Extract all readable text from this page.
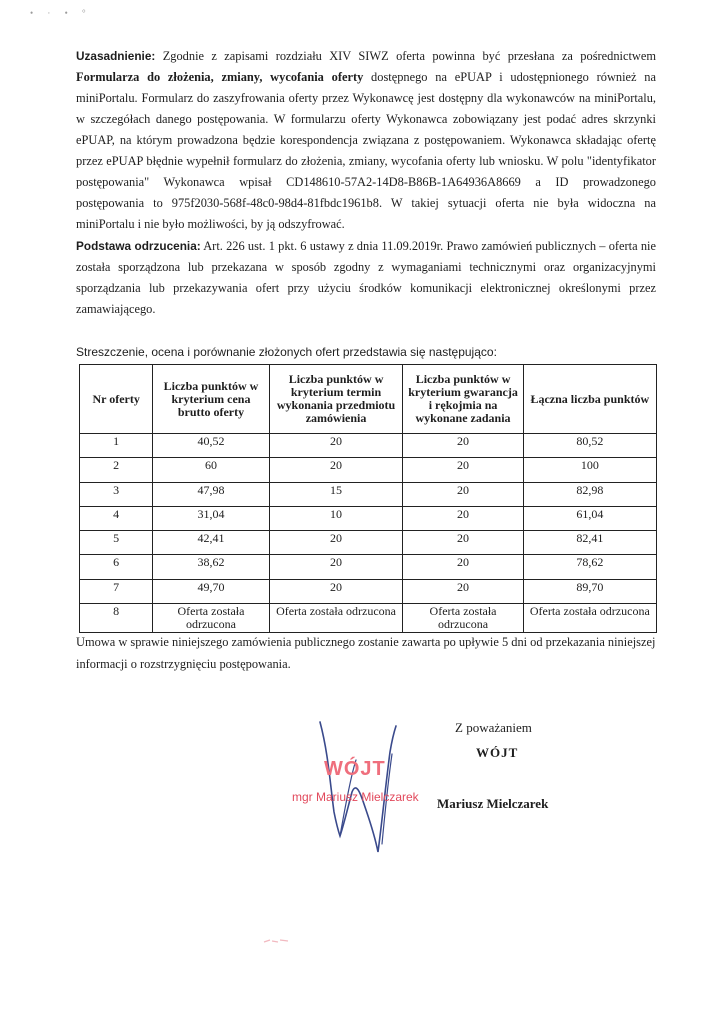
• · • °
Uzasadnienie: Zgodnie z zapisami rozdziału XIV SIWZ oferta powinna być przesłana za pośrednictwem Formularza do złożenia, zmiany, wycofania oferty dostępnego na ePUAP i udostępnionego również na miniPortalu. Formularz do zaszyfrowania oferty przez Wykonawcę jest dostępny dla wykonawców na miniPortalu, w szczegółach danego postępowania. W formularzu oferty Wykonawca zobowiązany jest podać adres skrzynki ePUAP, na którym prowadzona będzie korespondencja związana z postępowaniem. Wykonawca składając ofertę przez ePUAP błędnie wypełnił formularz do złożenia, zmiany, wycofania oferty lub wniosku. W polu "identyfikator postępowania" Wykonawca wpisał CD148610-57A2-14D8-B86B-1A64936A8669 a ID prowadzonego postępowania to 975f2030-568f-48c0-98d4-81fbdc1961b8. W takiej sytuacji oferta nie była widoczna na miniPortalu i nie było możliwości, by ją odszyfrować.
Podstawa odrzucenia: Art. 226 ust. 1 pkt. 6 ustawy z dnia 11.09.2019r. Prawo zamówień publicznych – oferta nie została sporządzona lub przekazana w sposób zgodny z wymaganiami technicznymi oraz organizacyjnymi sporządzania lub przekazywania ofert przy użyciu środków komunikacji elektronicznej określonymi przez zamawiającego.
Streszczenie, ocena i porównanie złożonych ofert przedstawia się następująco:
Nr oferty	Liczba punktów w kryterium cena brutto oferty	Liczba punktów w kryterium termin wykonania przedmiotu zamówienia	Liczba punktów w kryterium gwarancja i rękojmia na wykonane zadania	Łączna liczba punktów
1	40,52	20	20	80,52
2	60	20	20	100
3	47,98	15	20	82,98
4	31,04	10	20	61,04
5	42,41	20	20	82,41
6	38,62	20	20	78,62
7	49,70	20	20	89,70
8	Oferta została odrzucona	Oferta została odrzucona	Oferta została odrzucona	Oferta została odrzucona
Umowa w sprawie niniejszego zamówienia publicznego zostanie zawarta po upływie 5 dni od przekazania niniejszej informacji o rozstrzygnięciu postępowania.
WÓJT
mgr Mariusz Mielczarek
Z poważaniem
WÓJT
Mariusz Mielczarek
